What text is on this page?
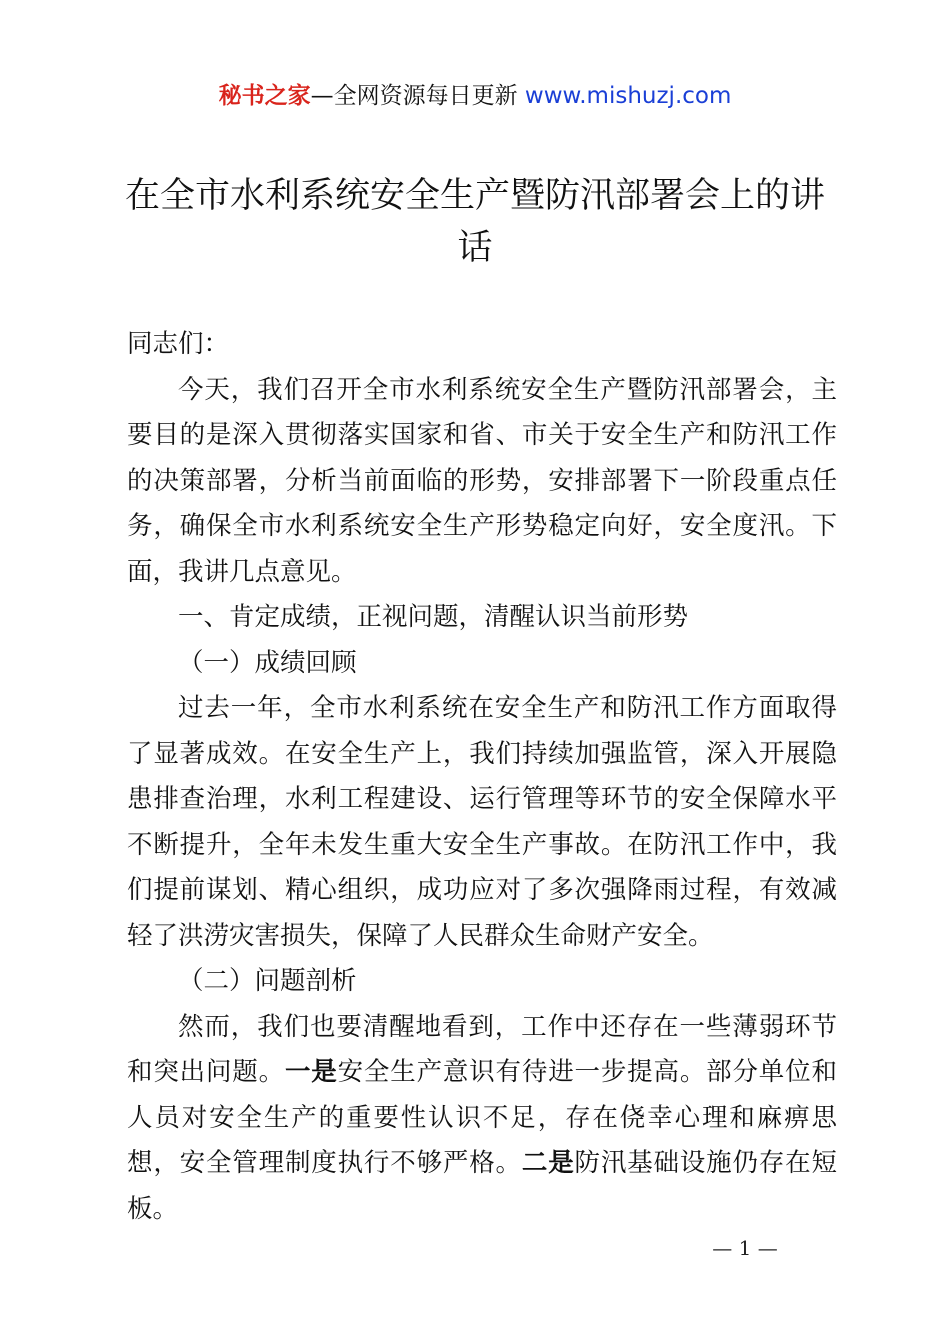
秘书之家—全网资源每日更新 www.mishuzj.com
在全市水利系统安全生产暨防汛部署会上的讲话

同志们：

今天，我们召开全市水利系统安全生产暨防汛部署会，主要目的是深入贯彻落实国家和省、市关于安全生产和防汛工作的决策部署，分析当前面临的形势，安排部署下一阶段重点任务，确保全市水利系统安全生产形势稳定向好，安全度汛。下面，我讲几点意见。

一、肯定成绩，正视问题，清醒认识当前形势

（一）成绩回顾

过去一年，全市水利系统在安全生产和防汛工作方面取得了显著成效。在安全生产上，我们持续加强监管，深入开展隐患排查治理，水利工程建设、运行管理等环节的安全保障水平不断提升，全年未发生重大安全生产事故。在防汛工作中，我们提前谋划、精心组织，成功应对了多次强降雨过程，有效减轻了洪涝灾害损失，保障了人民群众生命财产安全。

（二）问题剖析

然而，我们也要清醒地看到，工作中还存在一些薄弱环节和突出问题。一是安全生产意识有待进一步提高。部分单位和人员对安全生产的重要性认识不足，存在侥幸心理和麻痹思想，安全管理制度执行不够严格。二是防汛基础设施仍存在短板。

— 1 —
